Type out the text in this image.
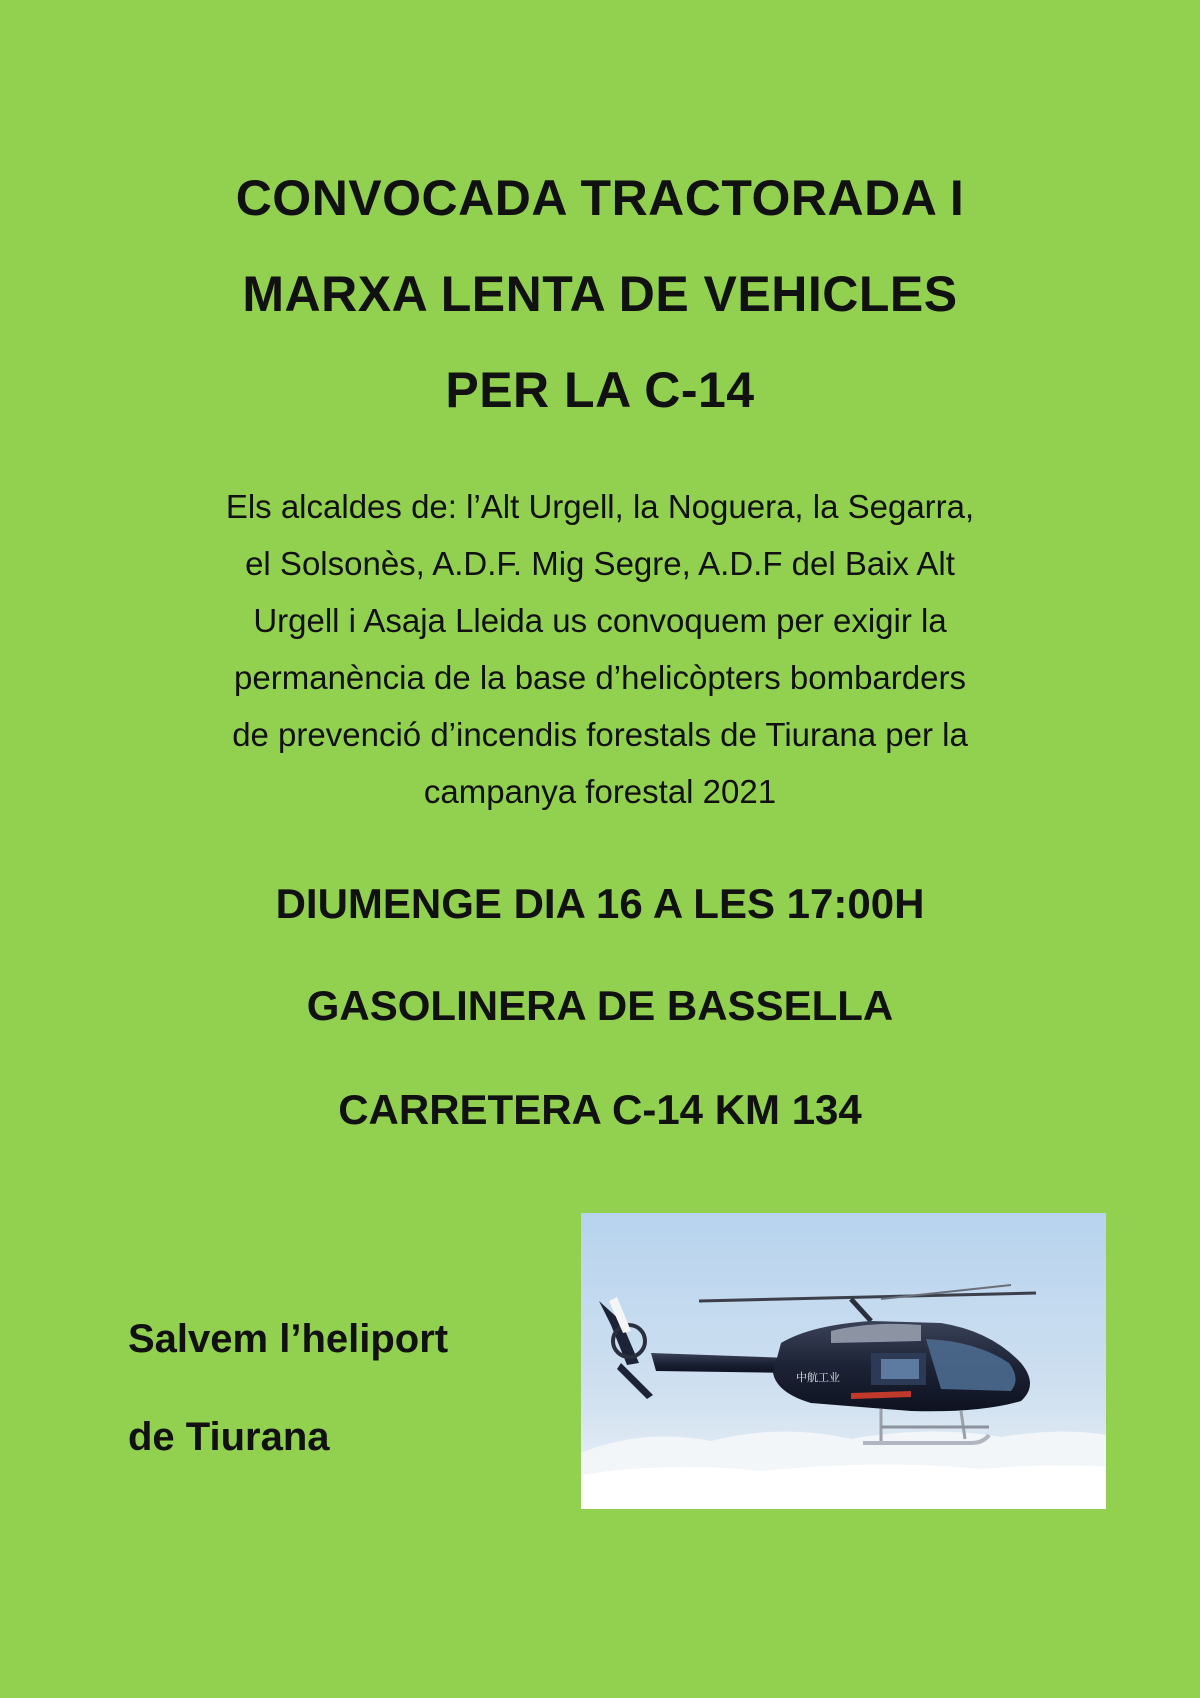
CONVOCADA TRACTORADA I
MARXA LENTA DE VEHICLES
PER LA C-14
Els alcaldes de: l’Alt Urgell, la Noguera, la Segarra,
el Solsonès, A.D.F. Mig Segre, A.D.F del Baix Alt
Urgell i Asaja Lleida us convoquem per exigir la
permanència de la base d’helicòpters bombarders
de prevenció d’incendis forestals de Tiurana per la
campanya forestal 2021
DIUMENGE DIA 16 A LES 17:00H
GASOLINERA DE BASSELLA
CARRETERA C-14 KM 134
Salvem l’heliport
de Tiurana
中航工业
